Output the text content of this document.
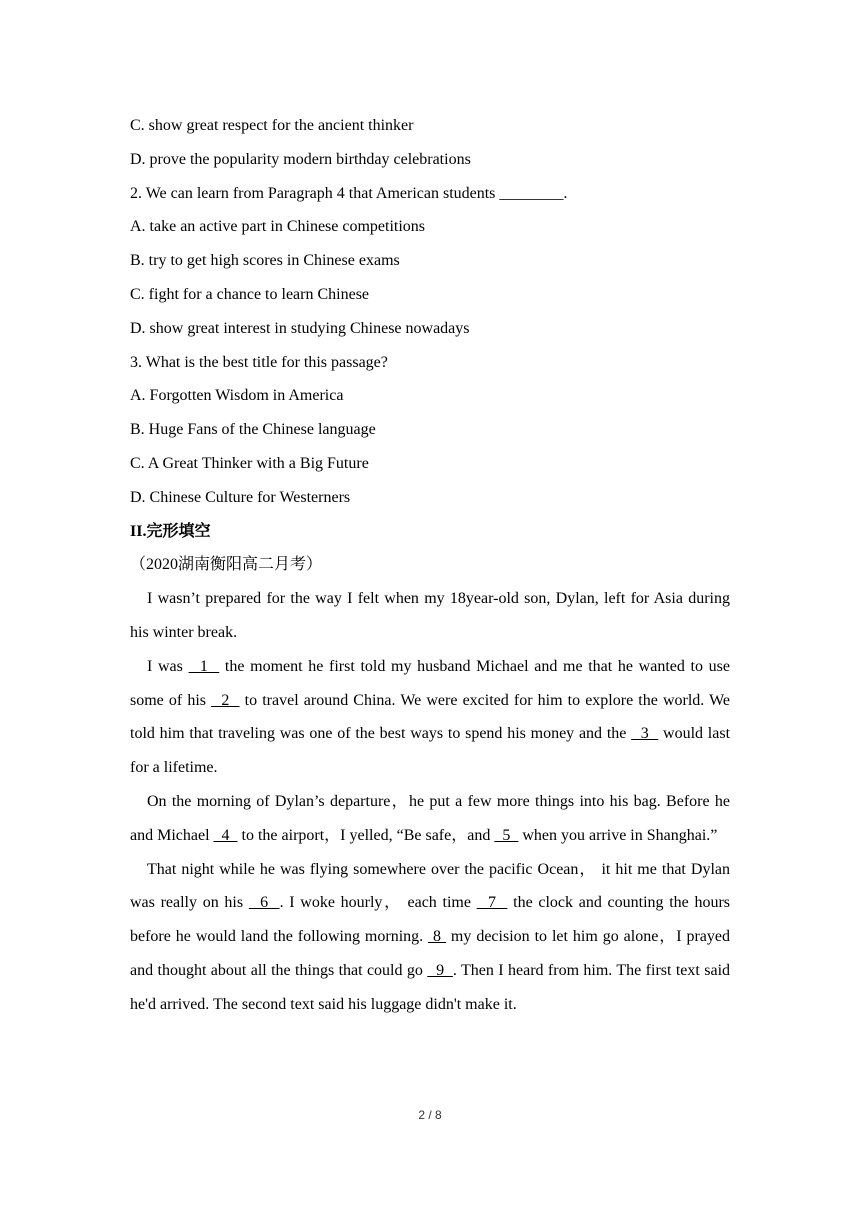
C. show great respect for the ancient thinker
D. prove the popularity modern birthday celebrations
2. We can learn from Paragraph 4 that American students ________.
A. take an active part in Chinese competitions
B. try to get high scores in Chinese exams
C. fight for a chance to learn Chinese
D. show great interest in studying Chinese nowadays
3. What is the best title for this passage?
A. Forgotten Wisdom in America
B. Huge Fans of the Chinese language
C. A Great Thinker with a Big Future
D. Chinese Culture for Westerners
II.完形填空
（2020湖南衡阳高二月考）
I wasn’t prepared for the way I felt when my 18year-old son, Dylan, left for Asia during his winter break.
I was   1   the moment he first told my husband Michael and me that he wanted to use some of his   2   to travel around China. We were excited for him to explore the world. We told him that traveling was one of the best ways to spend his money and the   3   would last for a lifetime.
On the morning of Dylan’s departure，he put a few more things into his bag. Before he and Michael   4   to the airport，I yelled, “Be safe，and   5   when you arrive in Shanghai.”
That night while he was flying somewhere over the pacific Ocean， it hit me that Dylan was really on his   6  . I woke hourly， each time   7   the clock and counting the hours before he would land the following morning.  8  my decision to let him go alone，I prayed and thought about all the things that could go   9  . Then I heard from him. The first text said he'd arrived. The second text said his luggage didn't make it.
2 / 8
